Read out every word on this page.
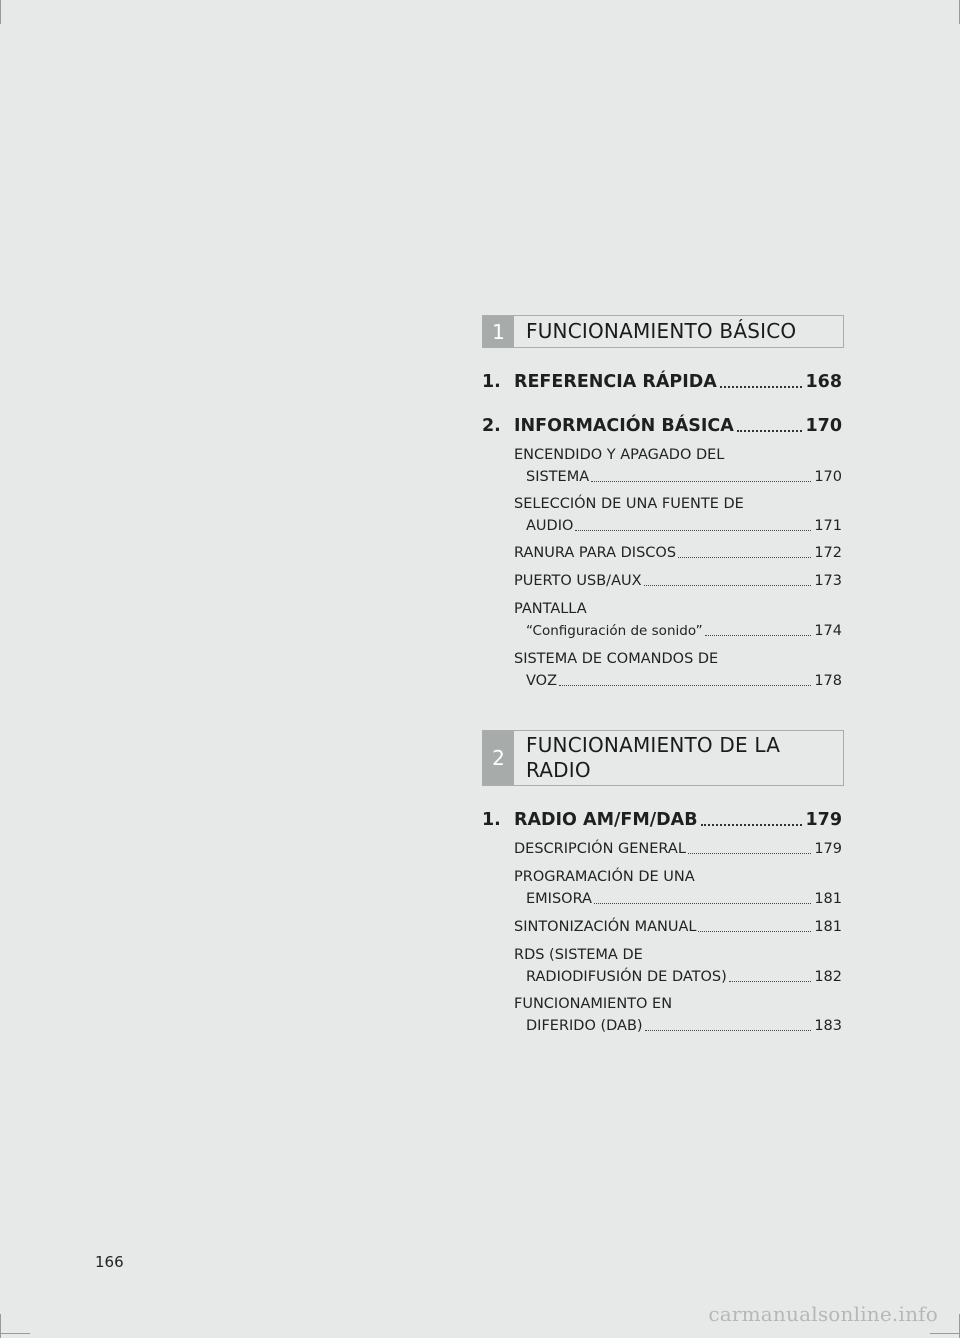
1	FUNCIONAMIENTO BÁSICO
1. REFERENCIA RÁPIDA	168
2. INFORMACIÓN BÁSICA	170
ENCENDIDO Y APAGADO DEL
SISTEMA	170
SELECCIÓN DE UNA FUENTE DE
AUDIO	171
RANURA PARA DISCOS	172
PUERTO USB/AUX	173
PANTALLA
“Configuración de sonido”	174
SISTEMA DE COMANDOS DE
VOZ	178
2
FUNCIONAMIENTO DE LA RADIO
1. RADIO AM/FM/DAB	179
DESCRIPCIÓN GENERAL	179
PROGRAMACIÓN DE UNA
EMISORA	181
SINTONIZACIÓN MANUAL	181
RDS (SISTEMA DE
RADIODIFUSIÓN DE DATOS)	182
FUNCIONAMIENTO EN
DIFERIDO (DAB)	183
166
carmanualsonline.info
